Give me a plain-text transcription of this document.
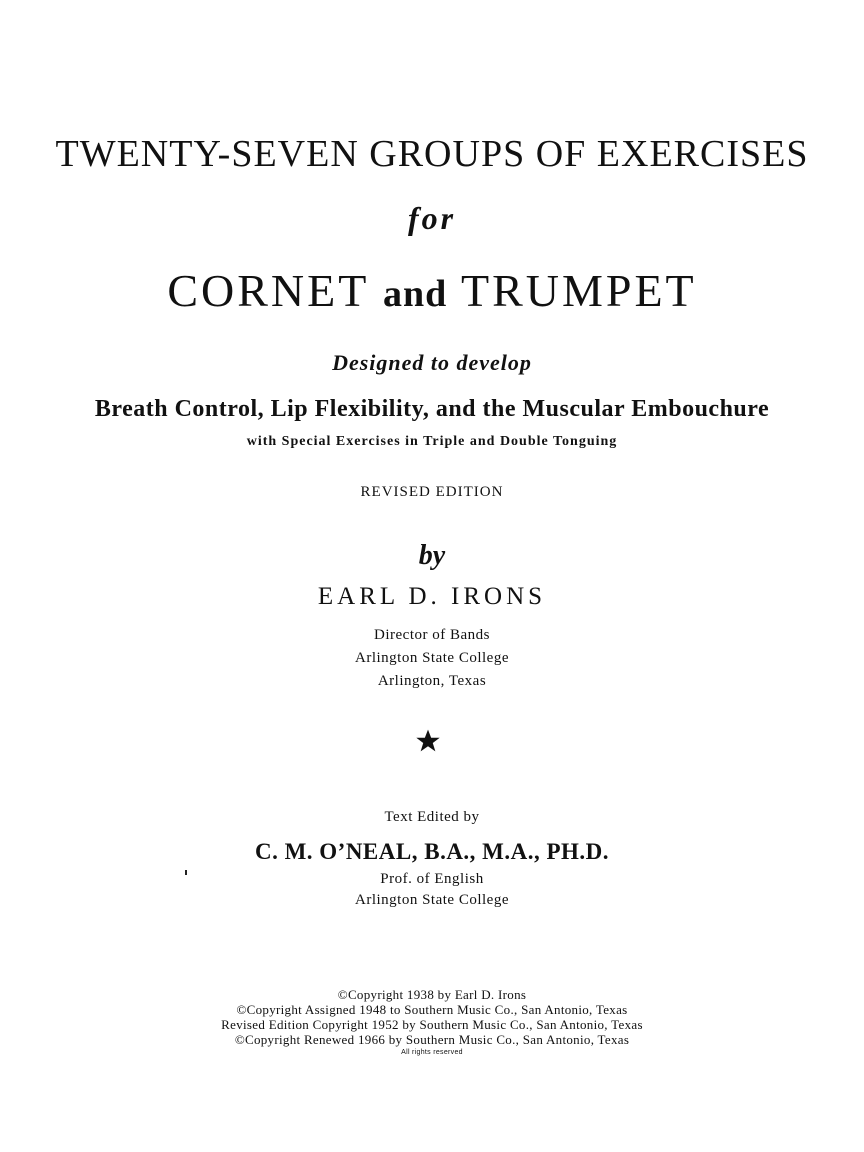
TWENTY-SEVEN GROUPS OF EXERCISES
for
CORNET and TRUMPET
Designed to develop
Breath Control, Lip Flexibility, and the Muscular Embouchure
with Special Exercises in Triple and Double Tonguing
REVISED EDITION
by
EARL D. IRONS
Director of Bands
Arlington State College
Arlington, Texas
Text Edited by
C. M. O’NEAL, B.A., M.A., PH.D.
Prof. of English
Arlington State College
©Copyright 1938 by Earl D. Irons
©Copyright Assigned 1948 to Southern Music Co., San Antonio, Texas
Revised Edition Copyright 1952 by Southern Music Co., San Antonio, Texas
©Copyright Renewed 1966 by Southern Music Co., San Antonio, Texas
All rights reserved
